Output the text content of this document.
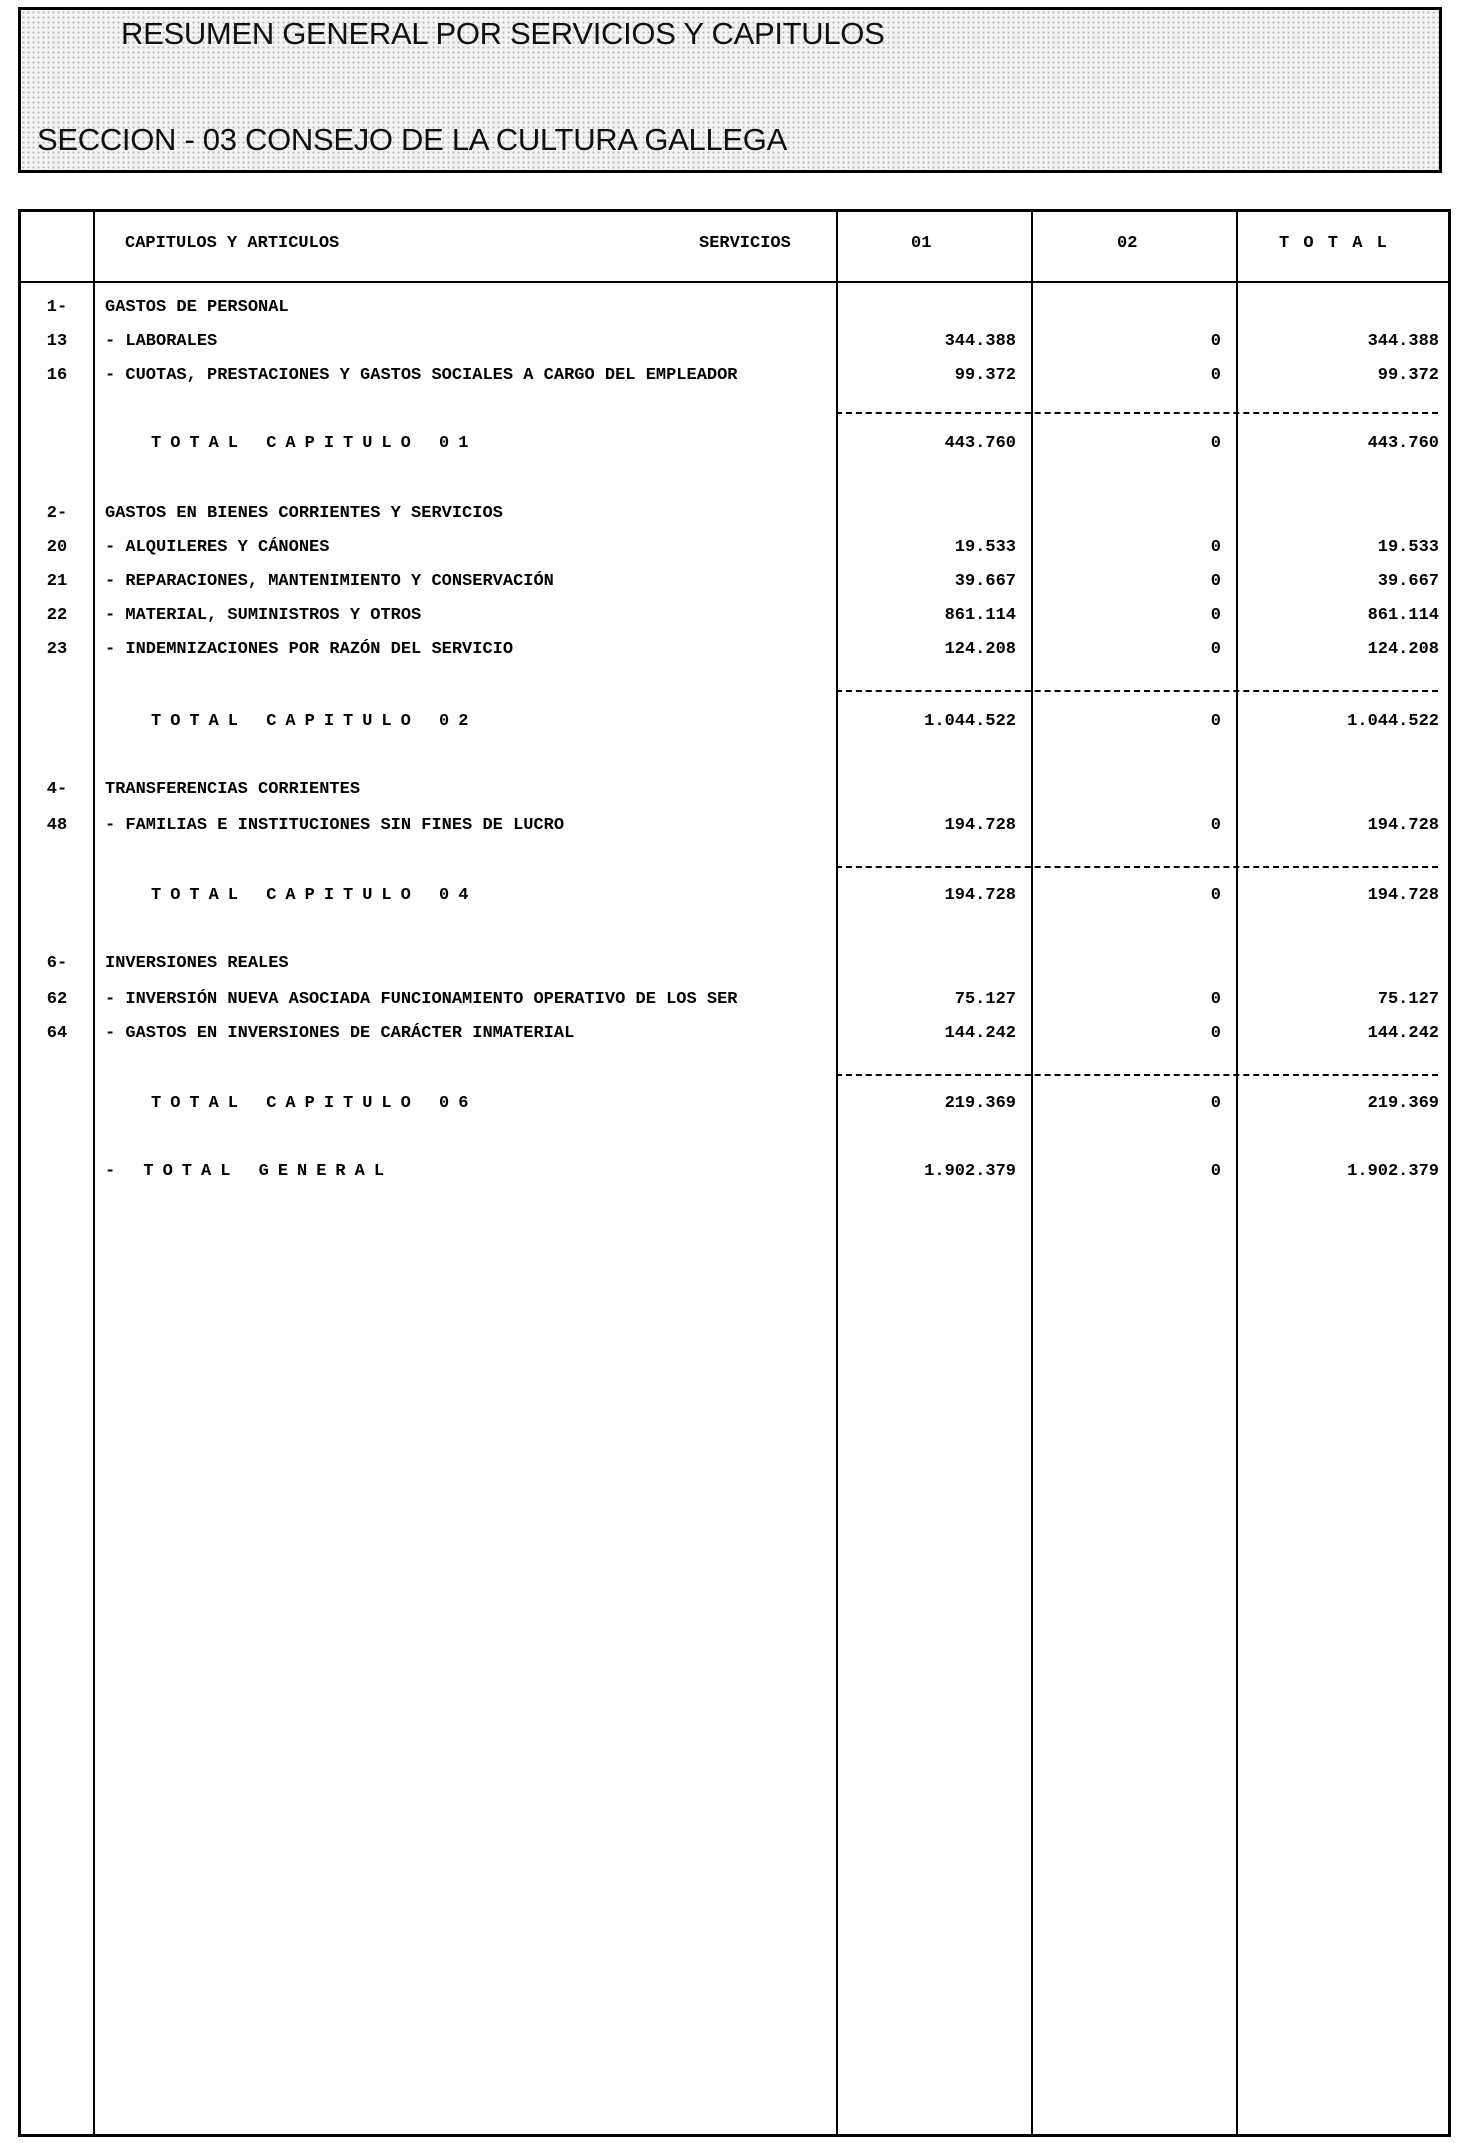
RESUMEN GENERAL POR SERVICIOS Y CAPITULOS
SECCION - 03 CONSEJO DE LA CULTURA GALLEGA
CAPITULOS Y ARTICULOS	SERVICIOS	01	02	T O T A L
1-	GASTOS DE PERSONAL
13	- LABORALES	344.388	0	344.388
16	- CUOTAS, PRESTACIONES Y GASTOS SOCIALES A CARGO DEL EMPLEADOR	99.372	0	99.372
TOTAL CAPITULO 01	443.760	0	443.760
2-	GASTOS EN BIENES CORRIENTES Y SERVICIOS
20	- ALQUILERES Y CÁNONES	19.533	0	19.533
21	- REPARACIONES, MANTENIMIENTO Y CONSERVACIÓN	39.667	0	39.667
22	- MATERIAL, SUMINISTROS Y OTROS	861.114	0	861.114
23	- INDEMNIZACIONES POR RAZÓN DEL SERVICIO	124.208	0	124.208
TOTAL CAPITULO 02	1.044.522	0	1.044.522
4-	TRANSFERENCIAS CORRIENTES
48	- FAMILIAS E INSTITUCIONES SIN FINES DE LUCRO	194.728	0	194.728
TOTAL CAPITULO 04	194.728	0	194.728
6-	INVERSIONES REALES
62	- INVERSIÓN NUEVA ASOCIADA FUNCIONAMIENTO OPERATIVO DE LOS SER	75.127	0	75.127
64	- GASTOS EN INVERSIONES DE CARÁCTER INMATERIAL	144.242	0	144.242
TOTAL CAPITULO 06	219.369	0	219.369
- TOTAL GENERAL	1.902.379	0	1.902.379
